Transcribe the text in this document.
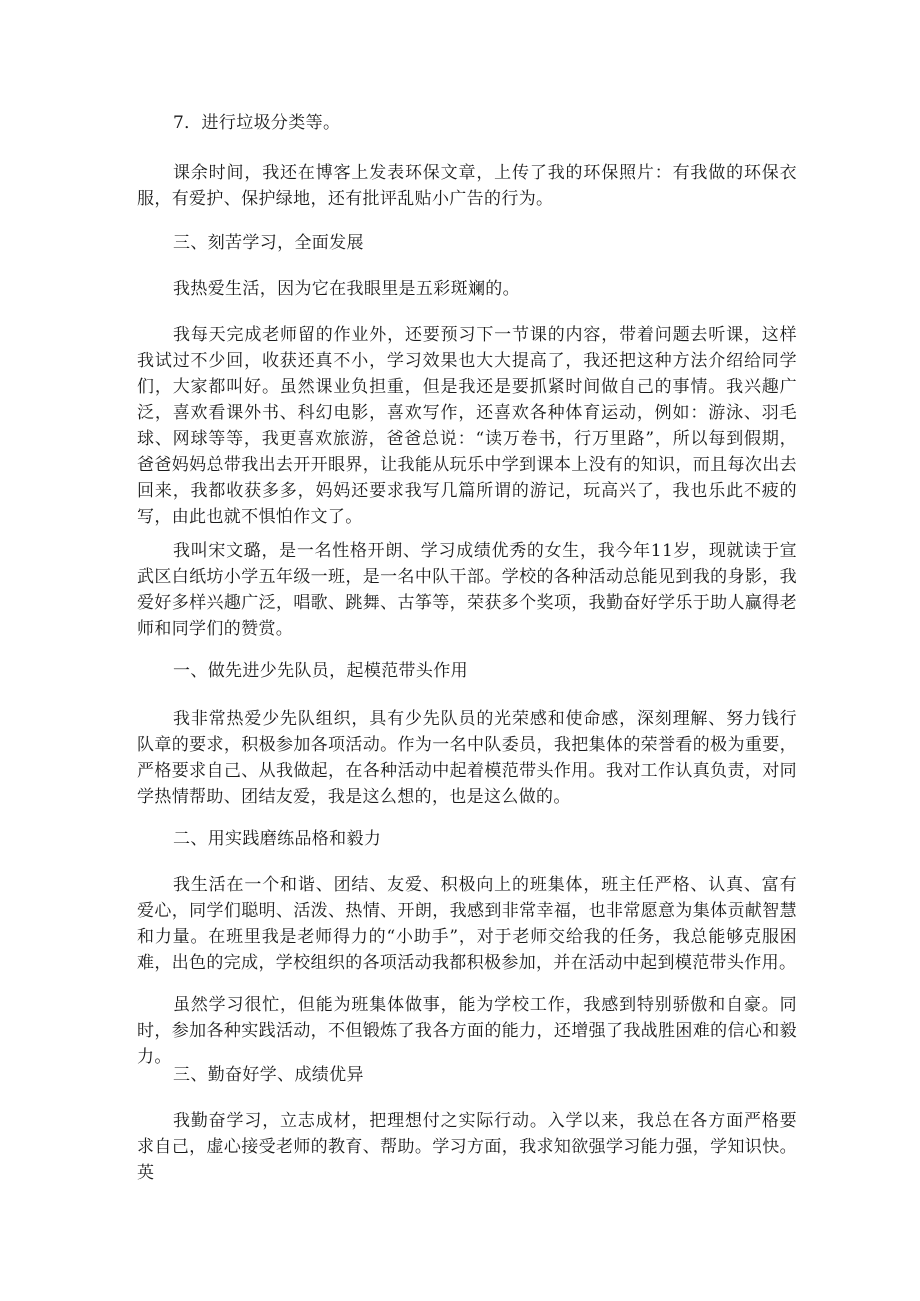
7．进行垃圾分类等。

课余时间，我还在博客上发表环保文章，上传了我的环保照片：有我做的环保衣服，有爱护、保护绿地，还有批评乱贴小广告的行为。

三、刻苦学习，全面发展

我热爱生活，因为它在我眼里是五彩斑斓的。

我每天完成老师留的作业外，还要预习下一节课的内容，带着问题去听课，这样我试过不少回，收获还真不小，学习效果也大大提高了，我还把这种方法介绍给同学们，大家都叫好。虽然课业负担重，但是我还是要抓紧时间做自己的事情。我兴趣广泛，喜欢看课外书、科幻电影，喜欢写作，还喜欢各种体育运动，例如：游泳、羽毛球、网球等等，我更喜欢旅游，爸爸总说：“读万卷书，行万里路”，所以每到假期，爸爸妈妈总带我出去开开眼界，让我能从玩乐中学到课本上没有的知识，而且每次出去回来，我都收获多多，妈妈还要求我写几篇所谓的游记，玩高兴了，我也乐此不疲的写，由此也就不惧怕作文了。

我叫宋文璐，是一名性格开朗、学习成绩优秀的女生，我今年11岁，现就读于宣武区白纸坊小学五年级一班，是一名中队干部。学校的各种活动总能见到我的身影，我爱好多样兴趣广泛，唱歌、跳舞、古筝等，荣获多个奖项，我勤奋好学乐于助人赢得老师和同学们的赞赏。

一、做先进少先队员，起模范带头作用

我非常热爱少先队组织，具有少先队员的光荣感和使命感，深刻理解、努力钱行队章的要求，积极参加各项活动。作为一名中队委员，我把集体的荣誉看的极为重要，严格要求自己、从我做起，在各种活动中起着模范带头作用。我对工作认真负责，对同学热情帮助、团结友爱，我是这么想的，也是这么做的。

二、用实践磨练品格和毅力

我生活在一个和谐、团结、友爱、积极向上的班集体，班主任严格、认真、富有爱心，同学们聪明、活泼、热情、开朗，我感到非常幸福，也非常愿意为集体贡献智慧和力量。在班里我是老师得力的“小助手”，对于老师交给我的任务，我总能够克服困难，出色的完成，学校组织的各项活动我都积极参加，并在活动中起到模范带头作用。

虽然学习很忙，但能为班集体做事，能为学校工作，我感到特别骄傲和自豪。同时，参加各种实践活动，不但锻炼了我各方面的能力，还增强了我战胜困难的信心和毅力。

三、勤奋好学、成绩优异

我勤奋学习，立志成材，把理想付之实际行动。入学以来，我总在各方面严格要求自己，虚心接受老师的教育、帮助。学习方面，我求知欲强学习能力强，学知识快。英
